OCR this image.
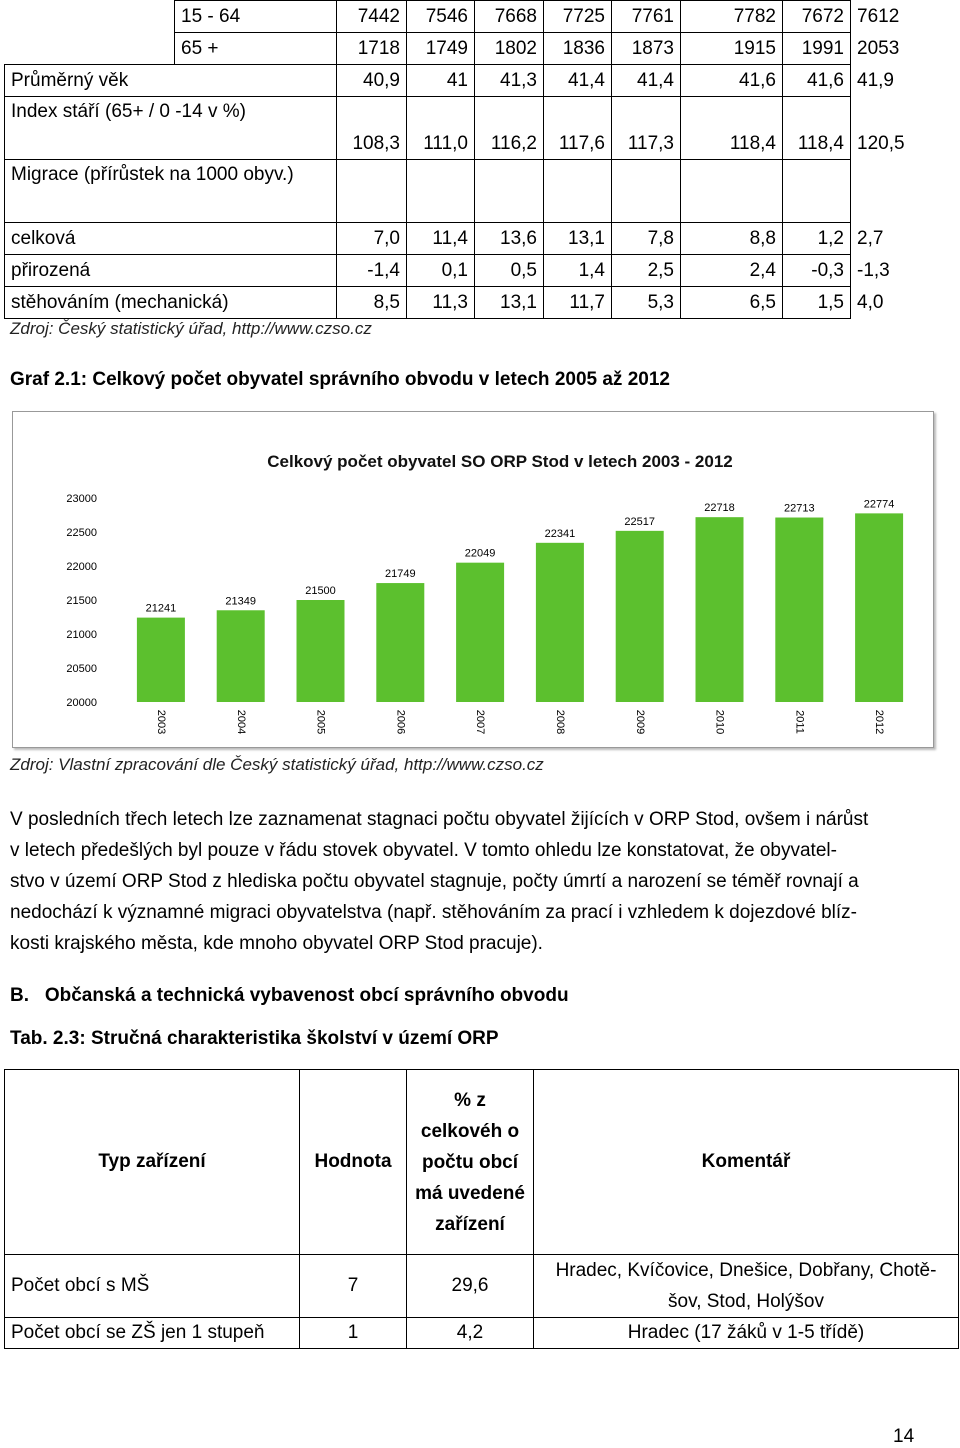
	15 - 64	7442	7546	7668	7725	7761	7782	7672	7612
	65 +	1718	1749	1802	1836	1873	1915	1991	2053
Průměrný věk		40,9	41	41,3	41,4	41,4	41,6	41,6	41,9
Index stáří (65+ / 0 -14 v %)		108,3	111,0	116,2	117,6	117,3	118,4	118,4	120,5
Migrace (přírůstek na 1000 obyv.)									
celková		7,0	11,4	13,6	13,1	7,8	8,8	1,2	2,7
přirozená		-1,4	0,1	0,5	1,4	2,5	2,4	-0,3	-1,3
stěhováním (mechanická)		8,5	11,3	13,1	11,7	5,3	6,5	1,5	4,0
Zdroj: Český statistický úřad, http://www.czso.cz
Graf 2.1: Celkový počet obyvatel správního obvodu v letech 2005 až 2012
Celkový počet obyvatel SO ORP Stod v letech 2003 - 2012
20000
20500
21000
21500
22000
22500
23000
21241
2003
21349
2004
21500
2005
21749
2006
22049
2007
22341
2008
22517
2009
22718
2010
22713
2011
22774
2012
Zdroj: Vlastní zpracování dle Český statistický úřad, http://www.czso.cz
V posledních třech letech lze zaznamenat stagnaci počtu obyvatel žijících v ORP Stod, ovšem i nárůst
v letech předešlých byl pouze v řádu stovek obyvatel. V tomto ohledu lze konstatovat, že obyvatel-
stvo v území ORP Stod z hlediska počtu obyvatel stagnuje, počty úmrtí a narození se téměř rovnají a
nedochází k významné migraci obyvatelstva (např. stěhováním za prací i vzhledem k dojezdové blíz-
kosti krajského města, kde mnoho obyvatel ORP Stod pracuje).
B.   Občanská a technická vybavenost obcí správního obvodu
Tab. 2.3: Stručná charakteristika školství v území ORP
Typ zařízení	Hodnota	% z celkovéh o počtu obcí má uvedené zařízení	Komentář
Počet obcí s MŠ	7	29,6	Hradec, Kvíčovice, Dnešice, Dobřany, Chotě-šov, Stod, Holýšov
Počet obcí se ZŠ jen 1 stupeň	1	4,2	Hradec (17 žáků v 1-5 třídě)
14
